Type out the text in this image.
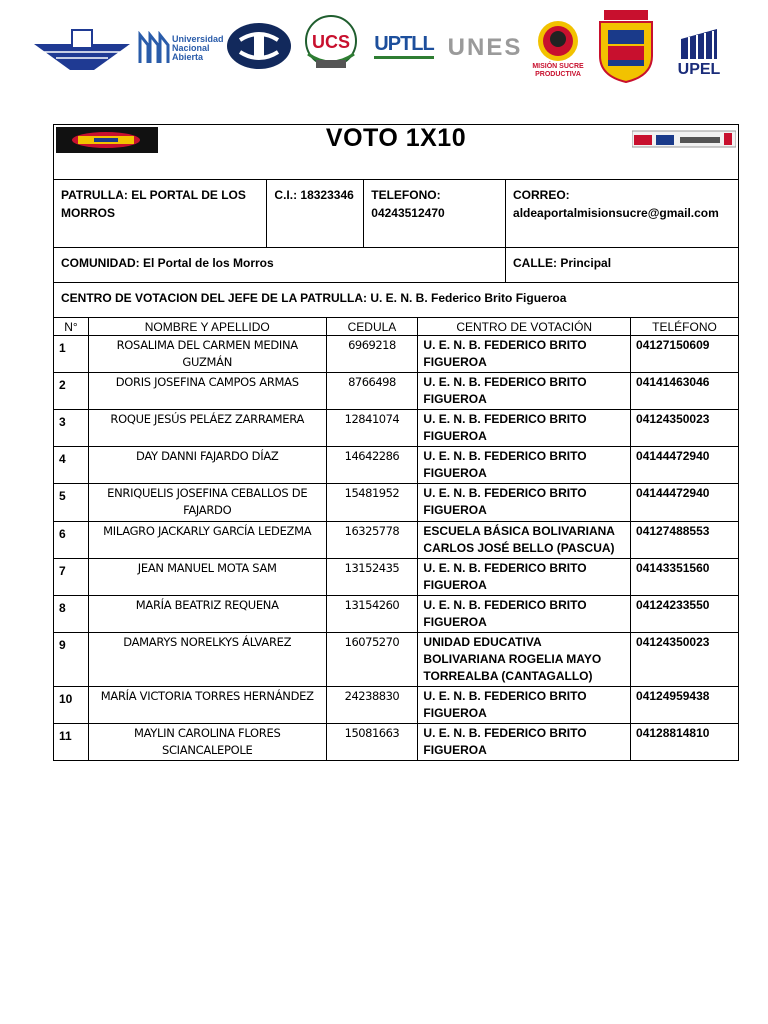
Universidad Nacional Abierta
UCS	UPTLL UNES
MISIÓN SUCRE PRODUCTIVA	UPEL
VOTO 1X10			

PATRULLA: EL PORTAL DE LOS MORROS	C.I.: 18323346	TELEFONO: 04243512470	CORREO:
aldeaportalmisionsucre@gmail.com

COMUNIDAD: El Portal de los Morros			CALLE: Principal
CENTRO DE VOTACION DEL JEFE DE LA PATRULLA: U. E. N. B. Federico Brito Figueroa			
N°	NOMBRE Y APELLIDO	CEDULA	CENTRO DE VOTACIÓN	TELÉFONO
1	ROSALIMA DEL CARMEN MEDINA GUZMÁN	6969218	U. E. N. B. FEDERICO BRITO FIGUEROA	04127150609
2	DORIS JOSEFINA CAMPOS ARMAS	8766498	U. E. N. B. FEDERICO BRITO FIGUEROA	04141463046
3	ROQUE JESÚS PELÁEZ ZARRAMERA	12841074	U. E. N. B. FEDERICO BRITO FIGUEROA	04124350023
4	DAY DANNI FAJARDO DÍAZ	14642286	U. E. N. B. FEDERICO BRITO FIGUEROA	04144472940
5	ENRIQUELIS JOSEFINA CEBALLOS DE FAJARDO	15481952	U. E. N. B. FEDERICO BRITO FIGUEROA	04144472940
6	MILAGRO JACKARLY GARCÍA LEDEZMA	16325778	ESCUELA BÁSICA BOLIVARIANA CARLOS JOSÉ BELLO (PASCUA)	04127488553
7	JEAN MANUEL MOTA SAM	13152435	U. E. N. B. FEDERICO BRITO FIGUEROA	04143351560
8	MARÍA BEATRIZ REQUENA	13154260	U. E. N. B. FEDERICO BRITO FIGUEROA	04124233550
9	DAMARYS NORELKYS ÁLVAREZ	16075270	UNIDAD EDUCATIVA BOLIVARIANA ROGELIA MAYO TORREALBA (CANTAGALLO)	04124350023
10	MARÍA VICTORIA TORRES HERNÁNDEZ	24238830	U. E. N. B. FEDERICO BRITO FIGUEROA	04124959438
11	MAYLIN CAROLINA FLORES SCIANCALEPOLE	15081663	U. E. N. B. FEDERICO BRITO FIGUEROA	04128814810
